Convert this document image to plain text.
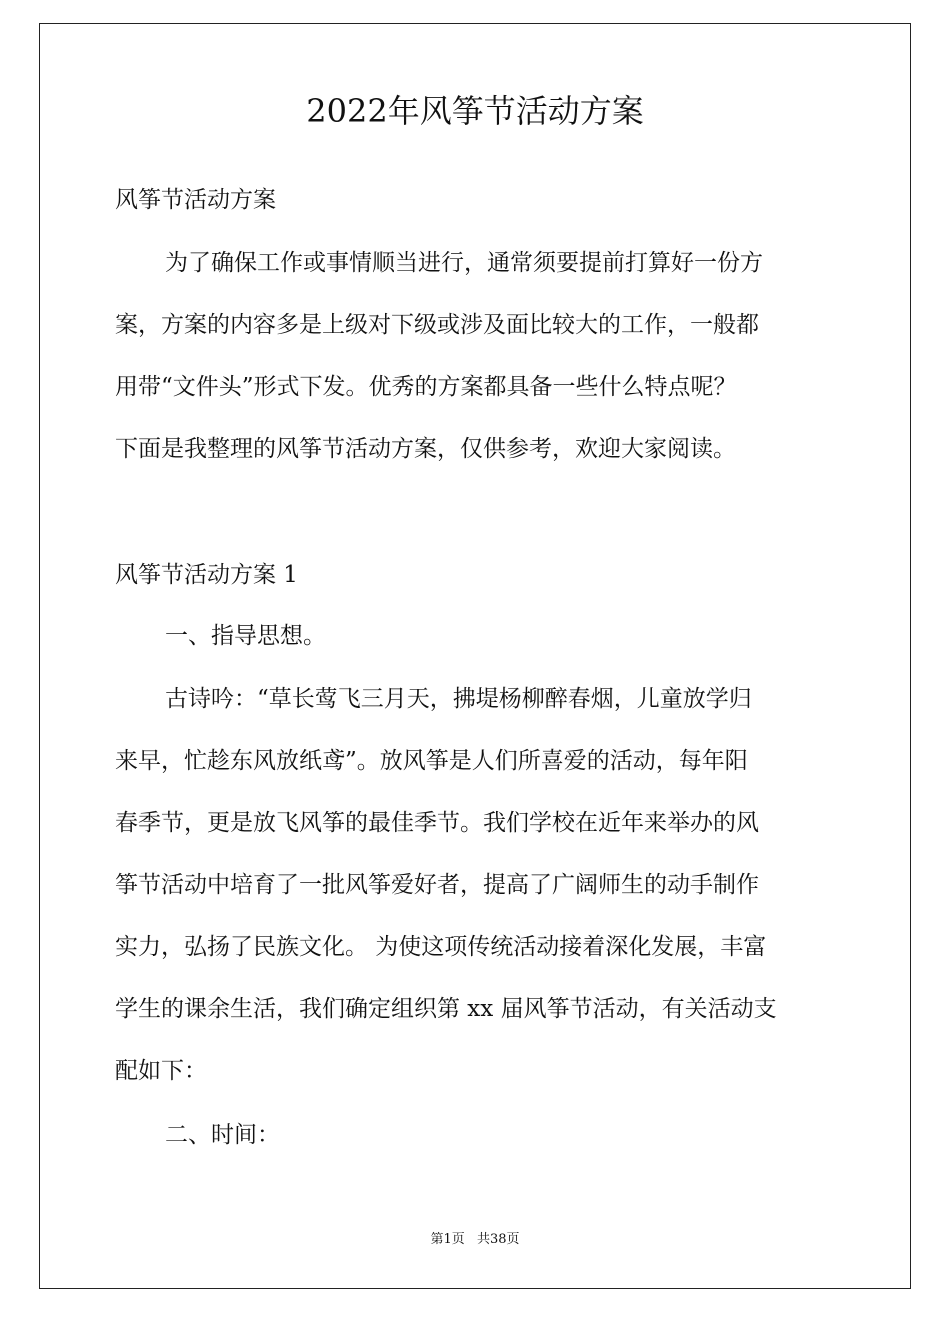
2022年风筝节活动方案

风筝节活动方案

为了确保工作或事情顺当进行，通常须要提前打算好一份方

案，方案的内容多是上级对下级或涉及面比较大的工作，一般都

用带“文件头”形式下发。优秀的方案都具备一些什么特点呢？

下面是我整理的风筝节活动方案，仅供参考，欢迎大家阅读。

风筝节活动方案 1

一、指导思想。

古诗吟：“草长莺飞三月天，拂堤杨柳醉春烟，儿童放学归

来早，忙趁东风放纸鸢”。放风筝是人们所喜爱的活动，每年阳

春季节，更是放飞风筝的最佳季节。我们学校在近年来举办的风

筝节活动中培育了一批风筝爱好者，提高了广阔师生的动手制作

实力，弘扬了民族文化。 为使这项传统活动接着深化发展，丰富

学生的课余生活，我们确定组织第 xx 届风筝节活动，有关活动支

配如下：

二、时间：

第1页 共38页
